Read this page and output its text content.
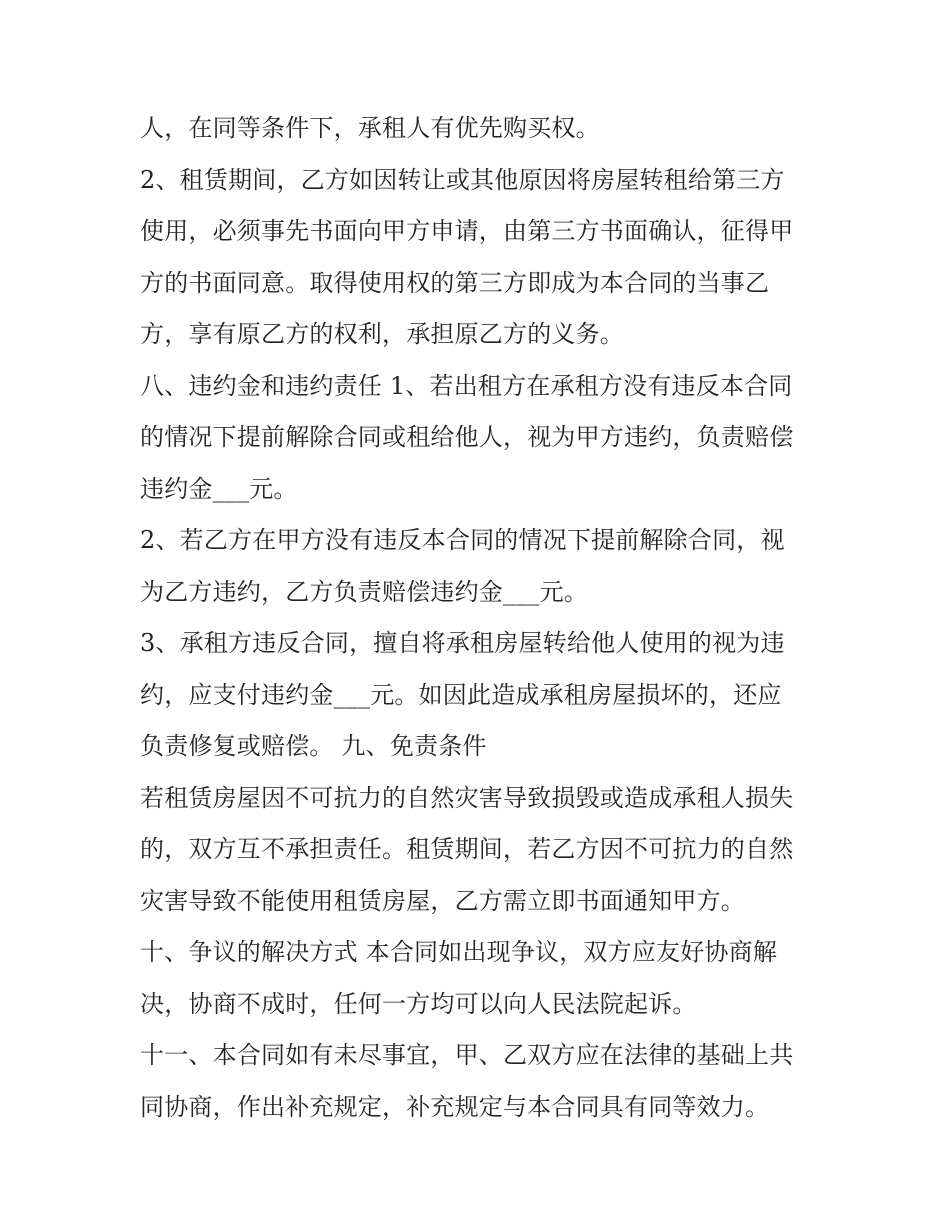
人，在同等条件下，承租人有优先购买权。
2、租赁期间，乙方如因转让或其他原因将房屋转租给第三方
使用，必须事先书面向甲方申请，由第三方书面确认，征得甲
方的书面同意。取得使用权的第三方即成为本合同的当事乙
方，享有原乙方的权利，承担原乙方的义务。
八、违约金和违约责任 1、若出租方在承租方没有违反本合同
的情况下提前解除合同或租给他人，视为甲方违约，负责赔偿
违约金___元。
2、若乙方在甲方没有违反本合同的情况下提前解除合同，视
为乙方违约，乙方负责赔偿违约金___元。
3、承租方违反合同，擅自将承租房屋转给他人使用的视为违
约，应支付违约金___元。如因此造成承租房屋损坏的，还应
负责修复或赔偿。 九、免责条件
若租赁房屋因不可抗力的自然灾害导致损毁或造成承租人损失
的，双方互不承担责任。租赁期间，若乙方因不可抗力的自然
灾害导致不能使用租赁房屋，乙方需立即书面通知甲方。
十、争议的解决方式 本合同如出现争议，双方应友好协商解
决，协商不成时，任何一方均可以向人民法院起诉。
十一、本合同如有未尽事宜，甲、乙双方应在法律的基础上共
同协商，作出补充规定，补充规定与本合同具有同等效力。
